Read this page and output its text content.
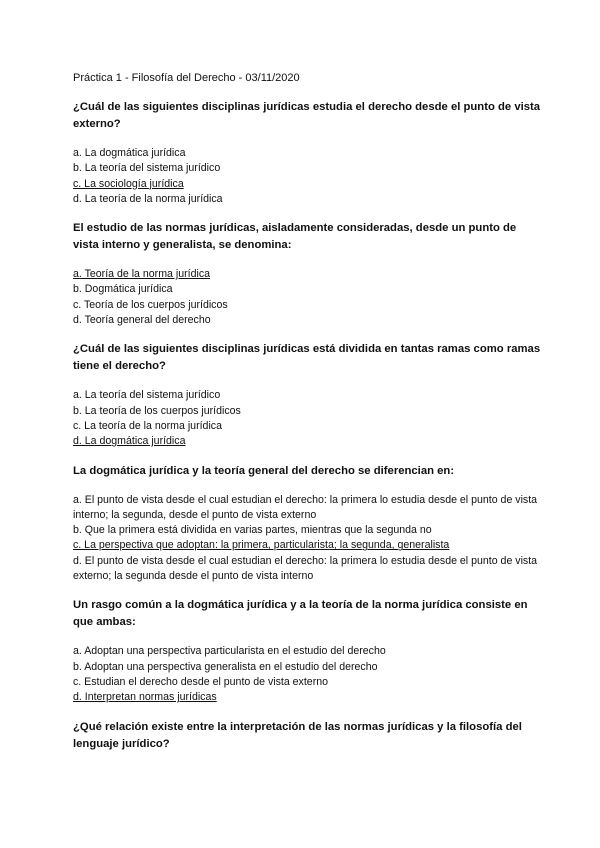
Práctica 1 - Filosofía del Derecho - 03/11/2020
¿Cuál de las siguientes disciplinas jurídicas estudia el derecho desde el punto de vista externo?
a. La dogmática jurídica
b. La teoría del sistema jurídico
c. La sociología jurídica
d. La teoría de la norma jurídica
El estudio de las normas jurídicas, aisladamente consideradas, desde un punto de vista interno y generalista, se denomina:
a. Teoría de la norma jurídica
b. Dogmática jurídica
c. Teoría de los cuerpos jurídicos
d. Teoría general del derecho
¿Cuál de las siguientes disciplinas jurídicas está dividida en tantas ramas como ramas tiene el derecho?
a. La teoría del sistema jurídico
b. La teoría de los cuerpos jurídicos
c. La teoría de la norma jurídica
d. La dogmática jurídica
La dogmática jurídica y la teoría general del derecho se diferencian en:
a. El punto de vista desde el cual estudian el derecho: la primera lo estudia desde el punto de vista interno; la segunda, desde el punto de vista externo
b. Que la primera está dividida en varias partes, mientras que la segunda no
c. La perspectiva que adoptan: la primera, particularista; la segunda, generalista
d. El punto de vista desde el cual estudian el derecho: la primera lo estudia desde el punto de vista externo; la segunda desde el punto de vista interno
Un rasgo común a la dogmática jurídica y a la teoría de la norma jurídica consiste en que ambas:
a. Adoptan una perspectiva particularista en el estudio del derecho
b. Adoptan una perspectiva generalista en el estudio del derecho
c. Estudian el derecho desde el punto de vista externo
d. Interpretan normas jurídicas
¿Qué relación existe entre la interpretación de las normas jurídicas y la filosofía del lenguaje jurídico?
